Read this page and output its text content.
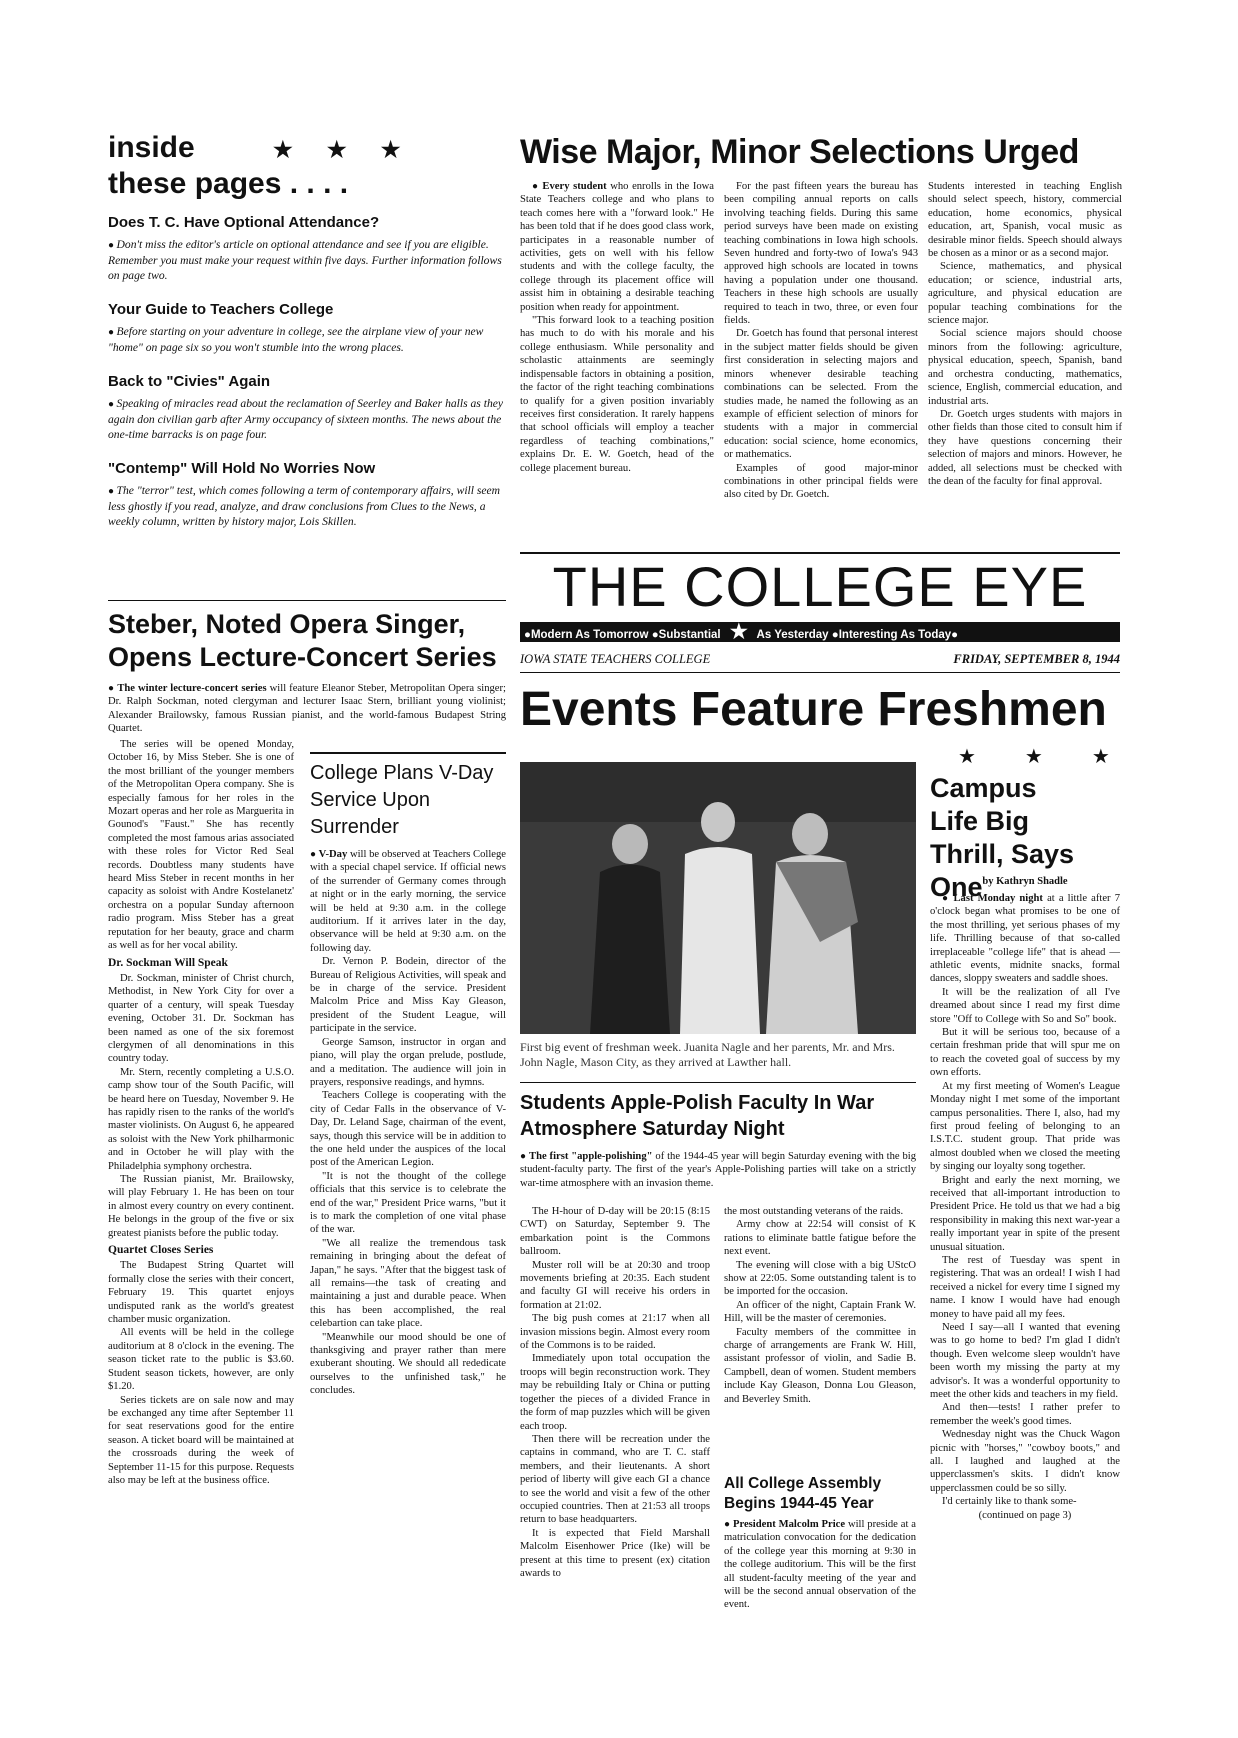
inside	★ ★ ★
these pages . . . .
Does T. C. Have Optional Attendance?

● Don't miss the editor's article on optional attendance and see if you are eligible. Remember you must make your request within five days. Further information follows on page two.

Your Guide to Teachers College

● Before starting on your adventure in college, see the airplane view of your new "home" on page six so you won't stumble into the wrong places.

Back to "Civies" Again

● Speaking of miracles read about the reclamation of Seerley and Baker halls as they again don civilian garb after Army occupancy of sixteen months. The news about the one-time barracks is on page four.

"Contemp" Will Hold No Worries Now

● The "terror" test, which comes following a term of contemporary affairs, will seem less ghostly if you read, analyze, and draw conclusions from Clues to the News, a weekly column, written by history major, Lois Skillen.

Wise Major, Minor Selections Urged

● Every student who enrolls in the Iowa State Teachers college and who plans to teach comes here with a "forward look." He has been told that if he does good class work, participates in a reasonable number of activities, gets on well with his fellow students and with the college faculty, the college through its placement office will assist him in obtaining a desirable teaching position when ready for appointment.

"This forward look to a teaching position has much to do with his morale and his college enthusiasm. While personality and scholastic attainments are seemingly indispensable factors in obtaining a position, the factor of the right teaching combinations to qualify for a given position invariably receives first consideration. It rarely happens that school officials will employ a teacher regardless of teaching combinations," explains Dr. E. W. Goetch, head of the college placement bureau.

For the past fifteen years the bureau has been compiling annual reports on calls involving teaching fields. During this same period surveys have been made on existing teaching combinations in Iowa high schools. Seven hundred and forty-two of Iowa's 943 approved high schools are located in towns having a population under one thousand. Teachers in these high schools are usually required to teach in two, three, or even four fields.

Dr. Goetch has found that personal interest in the subject matter fields should be given first consideration in selecting majors and minors whenever desirable teaching combinations can be selected. From the studies made, he named the following as an example of efficient selection of minors for students with a major in commercial education: social science, home economics, or mathematics.

Examples of good major-minor combinations in other principal fields were also cited by Dr. Goetch.

Students interested in teaching English should select speech, history, commercial education, home economics, physical education, art, Spanish, vocal music as desirable minor fields. Speech should always be chosen as a minor or as a second major.

Science, mathematics, and physical education; or science, industrial arts, agriculture, and physical education are popular teaching combinations for the science major.

Social science majors should choose minors from the following: agriculture, physical education, speech, Spanish, band and orchestra conducting, mathematics, science, English, commercial education, and industrial arts.

Dr. Goetch urges students with majors in other fields than those cited to consult him if they have questions concerning their selection of majors and minors. However, he added, all selections must be checked with the dean of the faculty for final approval.

THE COLLEGE EYE
●Modern As Tomorrow ●Substantial ★ As Yesterday ●Interesting As Today●
IOWA STATE TEACHERS COLLEGE	FRIDAY, SEPTEMBER 8, 1944
Events Feature Freshmen
★ ★ ★
First big event of freshman week. Juanita Nagle and her parents, Mr. and Mrs. John Nagle, Mason City, as they arrived at Lawther hall.
Campus Life Big Thrill, Says One by Kathryn Shadle

● Last Monday night at a little after 7 o'clock began what promises to be one of the most thrilling, yet serious phases of my life. Thrilling because of that so-called irreplaceable "college life" that is ahead — athletic events, midnite snacks, formal dances, sloppy sweaters and saddle shoes.

It will be the realization of all I've dreamed about since I read my first dime store "Off to College with So and So" book.

But it will be serious too, because of a certain freshman pride that will spur me on to reach the coveted goal of success by my own efforts.

At my first meeting of Women's League Monday night I met some of the important campus personalities. There I, also, had my first proud feeling of belonging to an I.S.T.C. student group. That pride was almost doubled when we closed the meeting by singing our loyalty song together.

Bright and early the next morning, we received that all-important introduction to President Price. He told us that we had a big responsibility in making this next war-year a really important year in spite of the present unusual situation.

The rest of Tuesday was spent in registering. That was an ordeal! I wish I had received a nickel for every time I signed my name. I know I would have had enough money to have paid all my fees.

Need I say—all I wanted that evening was to go home to bed? I'm glad I didn't though. Even welcome sleep wouldn't have been worth my missing the party at my advisor's. It was a wonderful opportunity to meet the other kids and teachers in my field.

And then—tests! I rather prefer to remember the week's good times.

Wednesday night was the Chuck Wagon picnic with "horses," "cowboy boots," and all. I laughed and laughed at the upperclassmen's skits. I didn't know upperclassmen could be so silly.

I'd certainly like to thank some-

(continued on page 3)

Students Apple-Polish Faculty In War Atmosphere Saturday Night

● The first "apple-polishing" of the 1944-45 year will begin Saturday evening with the big student-faculty party. The first of the year's Apple-Polishing parties will take on a strictly war-time atmosphere with an invasion theme.

The H-hour of D-day will be 20:15 (8:15 CWT) on Saturday, September 9. The embarkation point is the Commons ballroom.

Muster roll will be at 20:30 and troop movements briefing at 20:35. Each student and faculty GI will receive his orders in formation at 21:02.

The big push comes at 21:17 when all invasion missions begin. Almost every room of the Commons is to be raided.

Immediately upon total occupation the troops will begin reconstruction work. They may be rebuilding Italy or China or putting together the pieces of a divided France in the form of map puzzles which will be given each troop.

Then there will be recreation under the captains in command, who are T. C. staff members, and their lieutenants. A short period of liberty will give each GI a chance to see the world and visit a few of the other occupied countries. Then at 21:53 all troops return to base headquarters.

It is expected that Field Marshall Malcolm Eisenhower Price (Ike) will be present at this time to present (ex) citation awards to

the most outstanding veterans of the raids.

Army chow at 22:54 will consist of K rations to eliminate battle fatigue before the next event.

The evening will close with a big UStcO show at 22:05. Some outstanding talent is to be imported for the occasion.

An officer of the night, Captain Frank W. Hill, will be the master of ceremonies.

Faculty members of the committee in charge of arrangements are Frank W. Hill, assistant professor of violin, and Sadie B. Campbell, dean of women. Student members include Kay Gleason, Donna Lou Gleason, and Beverley Smith.

All College Assembly Begins 1944-45 Year

● President Malcolm Price will preside at a matriculation convocation for the dedication of the college year this morning at 9:30 in the college auditorium. This will be the first all student-faculty meeting of the year and will be the second annual observation of the event.

Steber, Noted Opera Singer, Opens Lecture-Concert Series

● The winter lecture-concert series will feature Eleanor Steber, Metropolitan Opera singer; Dr. Ralph Sockman, noted clergyman and lecturer Isaac Stern, brilliant young violinist; Alexander Brailowsky, famous Russian pianist, and the world-famous Budapest String Quartet.

The series will be opened Monday, October 16, by Miss Steber. She is one of the most brilliant of the younger members of the Metropolitan Opera company. She is especially famous for her roles in the Mozart operas and her role as Marguerita in Gounod's "Faust." She has recently completed the most famous arias associated with these roles for Victor Red Seal records. Doubtless many students have heard Miss Steber in recent months in her capacity as soloist with Andre Kostelanetz' orchestra on a popular Sunday afternoon radio program. Miss Steber has a great reputation for her beauty, grace and charm as well as for her vocal ability.

Dr. Sockman Will Speak

Dr. Sockman, minister of Christ church, Methodist, in New York City for over a quarter of a century, will speak Tuesday evening, October 31. Dr. Sockman has been named as one of the six foremost clergymen of all denominations in this country today.

Mr. Stern, recently completing a U.S.O. camp show tour of the South Pacific, will be heard here on Tuesday, November 9. He has rapidly risen to the ranks of the world's master violinists. On August 6, he appeared as soloist with the New York philharmonic and in October he will play with the Philadelphia symphony orchestra.

The Russian pianist, Mr. Brailowsky, will play February 1. He has been on tour in almost every country on every continent. He belongs in the group of the five or six greatest pianists before the public today.

Quartet Closes Series

The Budapest String Quartet will formally close the series with their concert, February 19. This quartet enjoys undisputed rank as the world's greatest chamber music organization.

All events will be held in the college auditorium at 8 o'clock in the evening. The season ticket rate to the public is $3.60. Student season tickets, however, are only $1.20.

Series tickets are on sale now and may be exchanged any time after September 11 for seat reservations good for the entire season. A ticket board will be maintained at the crossroads during the week of September 11-15 for this purpose. Requests also may be left at the business office.

College Plans V-Day Service Upon Surrender

● V-Day will be observed at Teachers College with a special chapel service. If official news of the surrender of Germany comes through at night or in the early morning, the service will be held at 9:30 a.m. in the college auditorium. If it arrives later in the day, observance will be held at 9:30 a.m. on the following day.

Dr. Vernon P. Bodein, director of the Bureau of Religious Activities, will speak and be in charge of the service. President Malcolm Price and Miss Kay Gleason, president of the Student League, will participate in the service.

George Samson, instructor in organ and piano, will play the organ prelude, postlude, and a meditation. The audience will join in prayers, responsive readings, and hymns.

Teachers College is cooperating with the city of Cedar Falls in the observance of V-Day, Dr. Leland Sage, chairman of the event, says, though this service will be in addition to the one held under the auspices of the local post of the American Legion.

"It is not the thought of the college officials that this service is to celebrate the end of the war," President Price warns, "but it is to mark the completion of one vital phase of the war.

"We all realize the tremendous task remaining in bringing about the defeat of Japan," he says. "After that the biggest task of all remains—the task of creating and maintaining a just and durable peace. When this has been accomplished, the real celebartion can take place.

"Meanwhile our mood should be one of thanksgiving and prayer rather than mere exuberant shouting. We should all rededicate ourselves to the unfinished task," he concludes.
